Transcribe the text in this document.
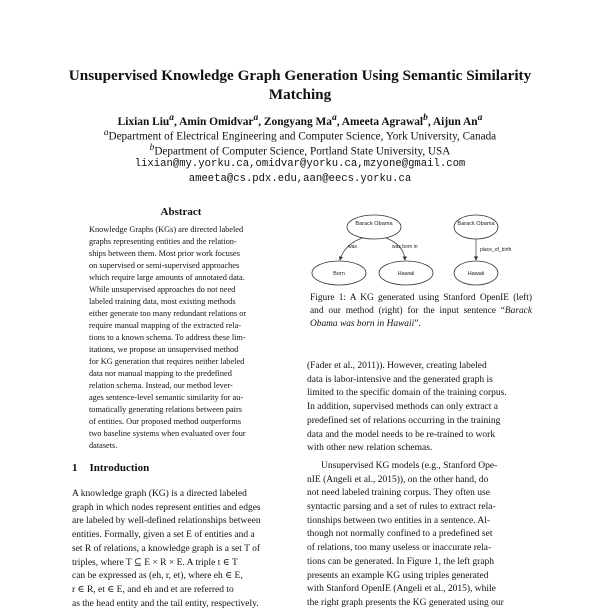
Unsupervised Knowledge Graph Generation Using Semantic Similarity Matching
Lixian Liu$^a$, Amin Omidvar$^a$, Zongyang Ma$^a$, Ameeta Agrawal$^b$, Aijun An$^a$
$^a$Department of Electrical Engineering and Computer Science, York University, Canada
$^b$Department of Computer Science, Portland State University, USA
lixian@my.yorku.ca,omidvar@yorku.ca,mzyone@gmail.com
ameeta@cs.pdx.edu,aan@eecs.yorku.ca
Abstract
Knowledge Graphs (KGs) are directed labeled
graphs representing entities and the relation-
ships between them. Most prior work focuses
on supervised or semi-supervised approaches
which require large amounts of annotated data.
While unsupervised approaches do not need
labeled training data, most existing methods
either generate too many redundant relations or
require manual mapping of the extracted rela-
tions to a known schema. To address these lim-
itations, we propose an unsupervised method
for KG generation that requires neither labeled
data nor manual mapping to the predefined
relation schema. Instead, our method lever-
ages sentence-level semantic similarity for au-
tomatically generating relations between pairs
of entities. Our proposed method outperforms
two baseline systems when evaluated over four
datasets.
1 Introduction

A knowledge graph (KG) is a directed labeled

graph in which nodes represent entities and edges

are labeled by well-defined relationships between

entities. Formally, given a set E of entities and a

set R of relations, a knowledge graph is a set T of

triples, where T ⊆ E × R × E. A triple t ∈ T

can be expressed as (eh, r, et), where eh ∈ E,

r ∈ R, et ∈ E, and eh and et are referred to

as the head entity and the tail entity, respectively.

Barack Obama
Born	Hawaii
was	was born in
Barack Obama
Hawaii
place_of_birth
Figure 1: A KG generated using Stanford OpenIE (left) and our method (right) for the input sentence “Barack Obama was born in Hawaii”.

(Fader et al., 2011)). However, creating labeled

data is labor-intensive and the generated graph is

limited to the specific domain of the training corpus.

In addition, supervised methods can only extract a

predefined set of relations occurring in the training

data and the model needs to be re-trained to work

with other new relation schemas.

Unsupervised KG models (e.g., Stanford Ope-

nIE (Angeli et al., 2015)), on the other hand, do

not need labeled training corpus. They often use

syntactic parsing and a set of rules to extract rela-

tionships between two entities in a sentence. Al-

though not normally confined to a predefined set

of relations, too many useless or inaccurate rela-

tions can be generated. In Figure 1, the left graph

presents an example KG using triples generated

with Stanford OpenIE (Angeli et al., 2015), while

the right graph presents the KG generated using our
